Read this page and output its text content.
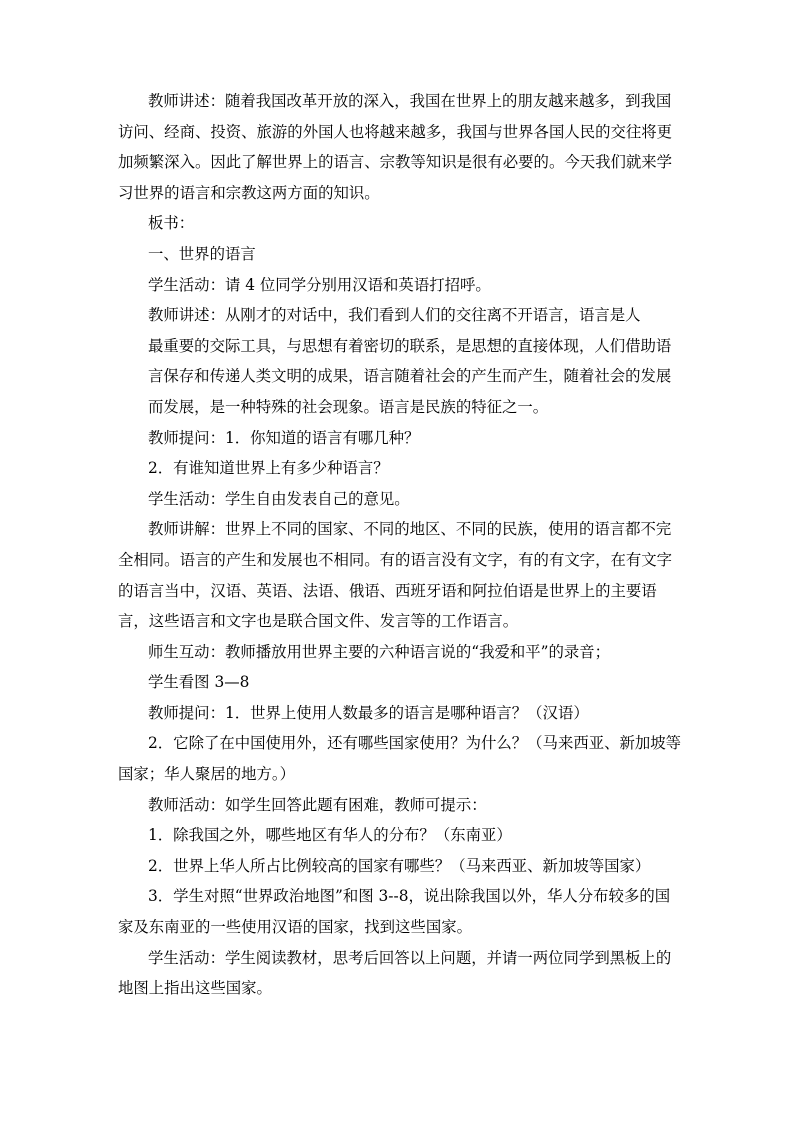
教师讲述：随着我国改革开放的深入，我国在世界上的朋友越来越多，到我国访问、经商、投资、旅游的外国人也将越来越多，我国与世界各国人民的交往将更加频繁深入。因此了解世界上的语言、宗教等知识是很有必要的。今天我们就来学习世界的语言和宗教这两方面的知识。

板书：

一、世界的语言

学生活动：请 4 位同学分别用汉语和英语打招呼。

教师讲述：从刚才的对话中，我们看到人们的交往离不开语言，语言是人

最重要的交际工具，与思想有着密切的联系，是思想的直接体现，人们借助语言保存和传递人类文明的成果，语言随着社会的产生而产生，随着社会的发展而发展，是一种特殊的社会现象。语言是民族的特征之一。

教师提问：1．你知道的语言有哪几种？

2．有谁知道世界上有多少种语言？

学生活动：学生自由发表自己的意见。

教师讲解：世界上不同的国家、不同的地区、不同的民族，使用的语言都不完全相同。语言的产生和发展也不相同。有的语言没有文字，有的有文字，在有文字的语言当中，汉语、英语、法语、俄语、西班牙语和阿拉伯语是世界上的主要语言，这些语言和文字也是联合国文件、发言等的工作语言。

师生互动：教师播放用世界主要的六种语言说的“我爱和平”的录音；

学生看图 3—8

教师提问：1．世界上使用人数最多的语言是哪种语言？（汉语）

2．它除了在中国使用外，还有哪些国家使用？为什么？（马来西亚、新加坡等国家；华人聚居的地方。）

教师活动：如学生回答此题有困难，教师可提示：

1．除我国之外，哪些地区有华人的分布？（东南亚）

2．世界上华人所占比例较高的国家有哪些？（马来西亚、新加坡等国家）

3．学生对照“世界政治地图”和图 3--8，说出除我国以外，华人分布较多的国家及东南亚的一些使用汉语的国家，找到这些国家。

学生活动：学生阅读教材，思考后回答以上问题，并请一两位同学到黑板上的地图上指出这些国家。
